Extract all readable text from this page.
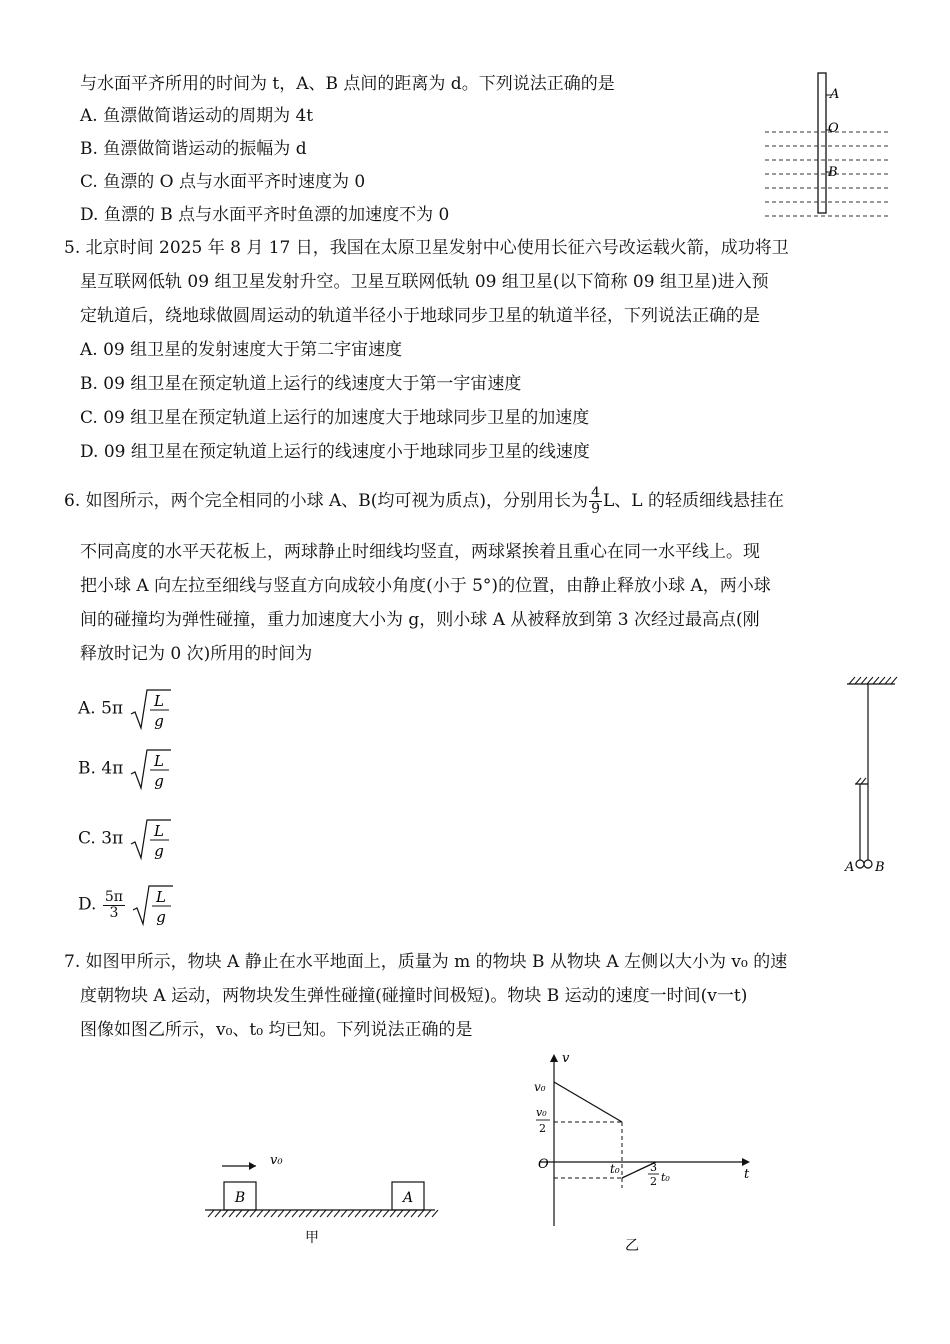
与水面平齐所用的时间为 t，A、B 点间的距离为 d。下列说法正确的是
A. 鱼漂做简谐运动的周期为 4t
B. 鱼漂做简谐运动的振幅为 d
C. 鱼漂的 O 点与水面平齐时速度为 0
D. 鱼漂的 B 点与水面平齐时鱼漂的加速度不为 0
A
O
B
5. 北京时间 2025 年 8 月 17 日，我国在太原卫星发射中心使用长征六号改运载火箭，成功将卫
星互联网低轨 09 组卫星发射升空。卫星互联网低轨 09 组卫星(以下简称 09 组卫星)进入预
定轨道后，绕地球做圆周运动的轨道半径小于地球同步卫星的轨道半径，下列说法正确的是
A. 09 组卫星的发射速度大于第二宇宙速度
B. 09 组卫星在预定轨道上运行的线速度大于第一宇宙速度
C. 09 组卫星在预定轨道上运行的加速度大于地球同步卫星的加速度
D. 09 组卫星在预定轨道上运行的线速度小于地球同步卫星的线速度
6. 如图所示，两个完全相同的小球 A、B(均可视为质点)，分别用长为 $\frac{4}{9}$ L、L 的轻质细线悬挂在
不同高度的水平天花板上，两球静止时细线均竖直，两球紧挨着且重心在同一水平线上。现
把小球 A 向左拉至细线与竖直方向成较小角度(小于 5°)的位置，由静止释放小球 A，两小球
间的碰撞均为弹性碰撞，重力加速度大小为 g，则小球 A 从被释放到第 3 次经过最高点(刚
释放时记为 0 次)所用的时间为
A. 5π L
g
B. 4π L
g
C. 3π L
g
D. $\frac{5\pi}{3}$
L
g
A B
7. 如图甲所示，物块 A 静止在水平地面上，质量为 m 的物块 B 从物块 A 左侧以大小为 v₀ 的速
度朝物块 A 运动，两物块发生弹性碰撞(碰撞时间极短)。物块 B 运动的速度一时间(v一t)
图像如图乙所示，v₀、t₀ 均已知。下列说法正确的是
v₀
B	A
甲
v
t
O
v₀
v₀
2
t₀	3
2 t₀
乙
